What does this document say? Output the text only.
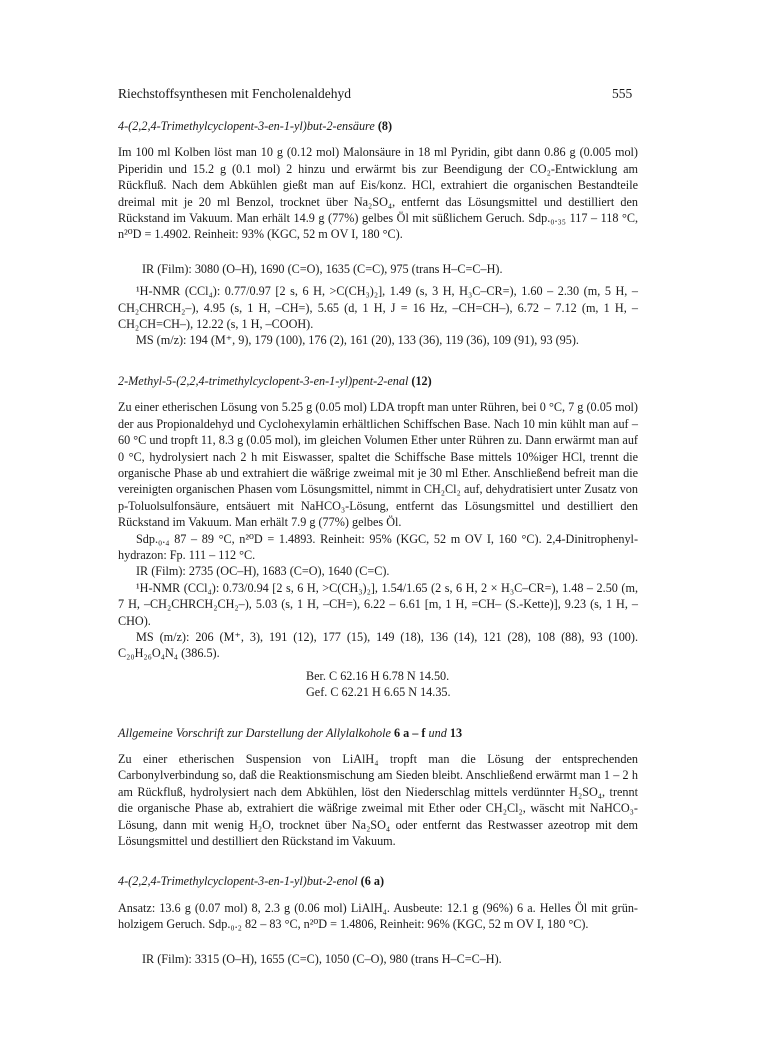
Riechstoffsynthesen mit Fencholenaldehyd	555

4-(2,2,4-Trimethylcyclopent-3-en-1-yl)but-2-ensäure (8)

Im 100 ml Kolben löst man 10 g (0.12 mol) Malonsäure in 18 ml Pyridin, gibt dann 0.86 g (0.005 mol) Piperidin und 15.2 g (0.1 mol) 2 hinzu und erwärmt bis zur Beendigung der CO₂-Entwicklung am Rückfluß. Nach dem Abkühlen gießt man auf Eis/konz. HCl, extrahiert die organischen Bestandteile dreimal mit je 20 ml Benzol, trocknet über Na₂SO₄, entfernt das Lösungsmittel und destilliert den Rückstand im Vakuum. Man erhält 14.9 g (77%) gelbes Öl mit süßlichem Geruch. Sdp.₀.₃₅ 117 – 118 °C, n²⁰D = 1.4902. Reinheit: 93% (KGC, 52 m OV I, 180 °C).

IR (Film): 3080 (O–H), 1690 (C=O), 1635 (C=C), 975 (trans H–C=C–H).

¹H-NMR (CCl₄): 0.77/0.97 [2 s, 6 H, >C(CH₃)₂], 1.49 (s, 3 H, H₃C–CR=), 1.60 – 2.30 (m, 5 H, –CH₂CHRCH₂–), 4.95 (s, 1 H, –CH=), 5.65 (d, 1 H, J = 16 Hz, –CH=CH–), 6.72 – 7.12 (m, 1 H, –CH₂CH=CH–), 12.22 (s, 1 H, –COOH).

MS (m/z): 194 (M⁺, 9), 179 (100), 176 (2), 161 (20), 133 (36), 119 (36), 109 (91), 93 (95).

2-Methyl-5-(2,2,4-trimethylcyclopent-3-en-1-yl)pent-2-enal (12)

Zu einer etherischen Lösung von 5.25 g (0.05 mol) LDA tropft man unter Rühren, bei 0 °C, 7 g (0.05 mol) der aus Propionaldehyd und Cyclohexylamin erhältlichen Schiffschen Base. Nach 10 min kühlt man auf – 60 °C und tropft 11, 8.3 g (0.05 mol), im gleichen Volumen Ether unter Rühren zu. Dann erwärmt man auf 0 °C, hydrolysiert nach 2 h mit Eiswasser, spaltet die Schiffsche Base mittels 10%iger HCl, trennt die organische Phase ab und extrahiert die wäßrige zweimal mit je 30 ml Ether. Anschließend befreit man die vereinigten organischen Phasen vom Lösungsmittel, nimmt in CH₂Cl₂ auf, dehydratisiert unter Zusatz von p-Toluolsulfonsäure, entsäuert mit NaHCO₃-Lösung, entfernt das Lösungsmittel und destilliert den Rückstand im Vakuum. Man erhält 7.9 g (77%) gelbes Öl.

Sdp.₀.₄ 87 – 89 °C, n²⁰D = 1.4893. Reinheit: 95% (KGC, 52 m OV I, 160 °C). 2,4-Dinitrophenyl-hydrazon: Fp. 111 – 112 °C.

IR (Film): 2735 (OC–H), 1683 (C=O), 1640 (C=C).

¹H-NMR (CCl₄): 0.73/0.94 [2 s, 6 H, >C(CH₃)₂], 1.54/1.65 (2 s, 6 H, 2 × H₃C–CR=), 1.48 – 2.50 (m, 7 H, –CH₂CHRCH₂CH₂–), 5.03 (s, 1 H, –CH=), 6.22 – 6.61 [m, 1 H, =CH– (S.-Kette)], 9.23 (s, 1 H, –CHO).

MS (m/z): 206 (M⁺, 3), 191 (12), 177 (15), 149 (18), 136 (14), 121 (28), 108 (88), 93 (100). C₂₀H₂₆O₄N₄ (386.5).

Ber. C 62.16 H 6.78 N 14.50.
Gef. C 62.21 H 6.65 N 14.35.

Allgemeine Vorschrift zur Darstellung der Allylalkohole 6 a – f und 13

Zu einer etherischen Suspension von LiAlH₄ tropft man die Lösung der entsprechenden Carbonylverbindung so, daß die Reaktionsmischung am Sieden bleibt. Anschließend erwärmt man 1 – 2 h am Rückfluß, hydrolysiert nach dem Abkühlen, löst den Niederschlag mittels verdünnter H₂SO₄, trennt die organische Phase ab, extrahiert die wäßrige zweimal mit Ether oder CH₂Cl₂, wäscht mit NaHCO₃-Lösung, dann mit wenig H₂O, trocknet über Na₂SO₄ oder entfernt das Restwasser azeotrop mit dem Lösungsmittel und destilliert den Rückstand im Vakuum.

4-(2,2,4-Trimethylcyclopent-3-en-1-yl)but-2-enol (6 a)

Ansatz: 13.6 g (0.07 mol) 8, 2.3 g (0.06 mol) LiAlH₄. Ausbeute: 12.1 g (96%) 6 a. Helles Öl mit grün-holzigem Geruch. Sdp.₀.₂ 82 – 83 °C, n²⁰D = 1.4806, Reinheit: 96% (KGC, 52 m OV I, 180 °C).

IR (Film): 3315 (O–H), 1655 (C=C), 1050 (C–O), 980 (trans H–C=C–H).
